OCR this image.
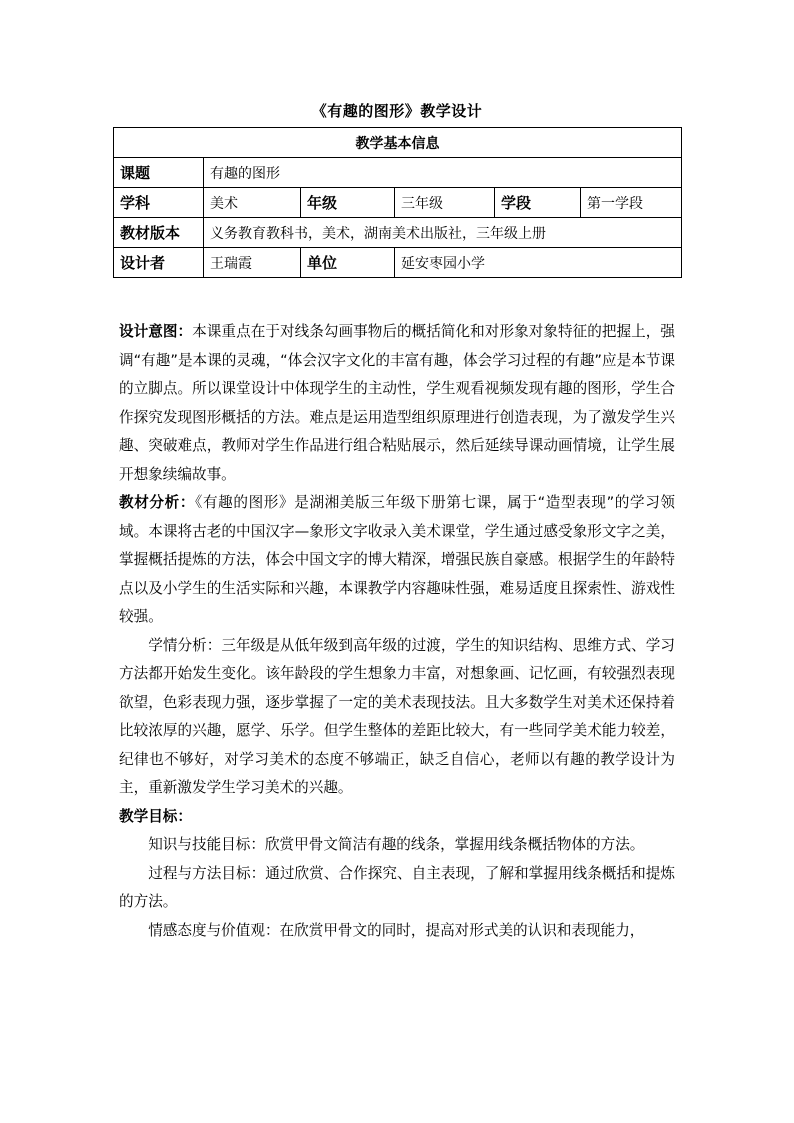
《有趣的图形》教学设计
教学基本信息					
课题	有趣的图形				
学科	美术	年级	三年级	学段	第一学段
教材版本	义务教育教科书，美术，湖南美术出版社，三年级上册				
设计者	王瑞霞	单位	延安枣园小学		

设计意图：本课重点在于对线条勾画事物后的概括简化和对形象对象特征的把握上，强调“有趣”是本课的灵魂，“体会汉字文化的丰富有趣，体会学习过程的有趣”应是本节课的立脚点。所以课堂设计中体现学生的主动性，学生观看视频发现有趣的图形，学生合作探究发现图形概括的方法。难点是运用造型组织原理进行创造表现，为了激发学生兴趣、突破难点，教师对学生作品进行组合粘贴展示，然后延续导课动画情境，让学生展开想象续编故事。

教材分析：《有趣的图形》是湖湘美版三年级下册第七课，属于“造型表现”的学习领域。本课将古老的中国汉字—象形文字收录入美术课堂，学生通过感受象形文字之美，掌握概括提炼的方法，体会中国文字的博大精深，增强民族自豪感。根据学生的年龄特点以及小学生的生活实际和兴趣，本课教学内容趣味性强，难易适度且探索性、游戏性较强。

学情分析：三年级是从低年级到高年级的过渡，学生的知识结构、思维方式、学习方法都开始发生变化。该年龄段的学生想象力丰富，对想象画、记忆画，有较强烈表现欲望，色彩表现力强，逐步掌握了一定的美术表现技法。且大多数学生对美术还保持着比较浓厚的兴趣，愿学、乐学。但学生整体的差距比较大，有一些同学美术能力较差，纪律也不够好，对学习美术的态度不够端正，缺乏自信心，老师以有趣的教学设计为主，重新激发学生学习美术的兴趣。

教学目标：

知识与技能目标：欣赏甲骨文简洁有趣的线条，掌握用线条概括物体的方法。

过程与方法目标：通过欣赏、合作探究、自主表现，了解和掌握用线条概括和提炼的方法。

情感态度与价值观：在欣赏甲骨文的同时，提高对形式美的认识和表现能力，
